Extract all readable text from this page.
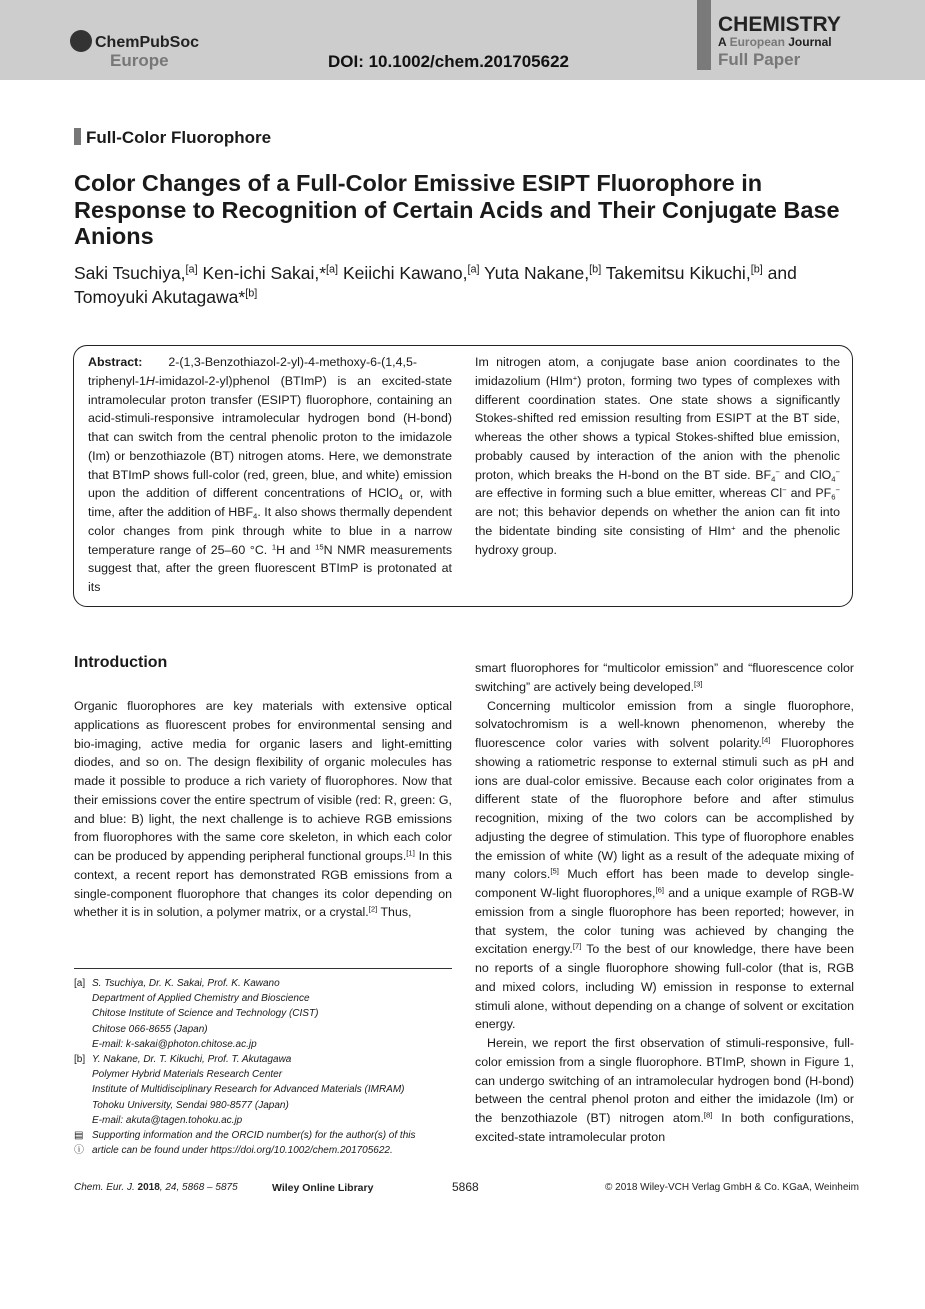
ChemPubSoc
Europe	DOI: 10.1002/chem.201705622
CHEMISTRY
A European Journal
Full Paper
Full-Color Fluorophore
Color Changes of a Full-Color Emissive ESIPT Fluorophore in Response to Recognition of Certain Acids and Their Conjugate Base Anions
Saki Tsuchiya,[a] Ken-ichi Sakai,*[a] Keiichi Kawano,[a] Yuta Nakane,[b] Takemitsu Kikuchi,[b] and Tomoyuki Akutagawa*[b]

Abstract: 2-(1,3-Benzothiazol-2-yl)-4-methoxy-6-(1,4,5-triphenyl-1H-imidazol-2-yl)phenol (BTImP) is an excited-state intramolecular proton transfer (ESIPT) fluorophore, containing an acid-stimuli-responsive intramolecular hydrogen bond (H-bond) that can switch from the central phenolic proton to the imidazole (Im) or benzothiazole (BT) nitrogen atoms. Here, we demonstrate that BTImP shows full-color (red, green, blue, and white) emission upon the addition of different concentrations of HClO$_4$ or, with time, after the addition of $HBF_4$. It also shows thermally dependent color changes from pink through white to blue in a narrow temperature range of 25–60 °C. $^1$H and $^{15}$N NMR measurements suggest that, after the green fluorescent BTImP is protonated at its

Im nitrogen atom, a conjugate base anion coordinates to the imidazolium (HIm+) proton, forming two types of complexes with different coordination states. One state shows a significantly Stokes-shifted red emission resulting from ESIPT at the BT side, whereas the other shows a typical Stokes-shifted blue emission, probably caused by interaction of the anion with the phenolic proton, which breaks the H-bond on the BT side. $BF_4^-$ and ClO$_4$− are effective in forming such a blue emitter, whereas Cl− and $PF_6^-$ are not; this behavior depends on whether the anion can fit into the bidentate binding site consisting of HIm+ and the phenolic hydroxy group.

Introduction

Organic fluorophores are key materials with extensive optical applications as fluorescent probes for environmental sensing and bio-imaging, active media for organic lasers and light-emitting diodes, and so on. The design flexibility of organic molecules has made it possible to produce a rich variety of fluorophores. Now that their emissions cover the entire spectrum of visible (red: R, green: G, and blue: B) light, the next challenge is to achieve RGB emissions from fluorophores with the same core skeleton, in which each color can be produced by appending peripheral functional groups.[1] In this context, a recent report has demonstrated RGB emissions from a single-component fluorophore that changes its color depending on whether it is in solution, a polymer matrix, or a crystal.[2] Thus,

smart fluorophores for “multicolor emission” and “fluorescence color switching” are actively being developed.[3]

Concerning multicolor emission from a single fluorophore, solvatochromism is a well-known phenomenon, whereby the fluorescence color varies with solvent polarity.[4] Fluorophores showing a ratiometric response to external stimuli such as pH and ions are dual-color emissive. Because each color originates from a different state of the fluorophore before and after stimulus recognition, mixing of the two colors can be accomplished by adjusting the degree of stimulation. This type of fluorophore enables the emission of white (W) light as a result of the adequate mixing of many colors.[5] Much effort has been made to develop single-component W-light fluorophores,[6] and a unique example of RGB-W emission from a single fluorophore has been reported; however, in that system, the color tuning was achieved by changing the excitation energy.[7] To the best of our knowledge, there have been no reports of a single fluorophore showing full-color (that is, RGB and mixed colors, including W) emission in response to external stimuli alone, without depending on a change of solvent or excitation energy.

Herein, we report the first observation of stimuli-responsive, full-color emission from a single fluorophore. BTImP, shown in Figure 1, can undergo switching of an intramolecular hydrogen bond (H-bond) between the central phenol proton and either the imidazole (Im) or the benzothiazole (BT) nitrogen atom.[8] In both configurations, excited-state intramolecular proton

[a] S. Tsuchiya, Dr. K. Sakai, Prof. K. Kawano
Department of Applied Chemistry and Bioscience
Chitose Institute of Science and Technology (CIST)
Chitose 066-8655 (Japan)
E-mail: k-sakai@photon.chitose.ac.jp
[b] Y. Nakane, Dr. T. Kikuchi, Prof. T. Akutagawa
Polymer Hybrid Materials Research Center
Institute of Multidisciplinary Research for Advanced Materials (IMRAM)
Tohoku University, Sendai 980-8577 (Japan)
E-mail: akuta@tagen.tohoku.ac.jp
▤
ⓘ
Supporting information and the ORCID number(s) for the author(s) of this
article can be found under https://doi.org/10.1002/chem.201705622.
Chem. Eur. J. 2018, 24, 5868 – 5875	Wiley Online Library	5868	© 2018 Wiley-VCH Verlag GmbH & Co. KGaA, Weinheim
